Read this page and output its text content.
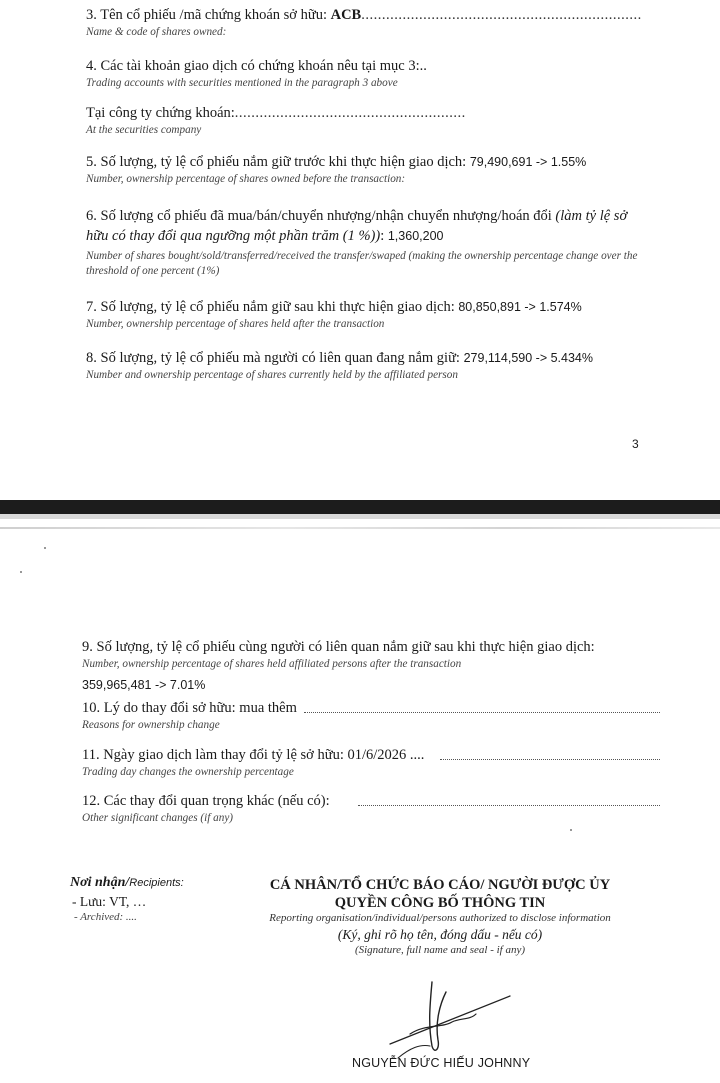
3. Tên cổ phiếu /mã chứng khoán sở hữu: ACB....................................................................
Name & code of shares owned:
4. Các tài khoản giao dịch có chứng khoán nêu tại mục 3:..
Trading accounts with securities mentioned in the paragraph 3 above
Tại công ty chứng khoán:........................................................
At the securities company
5. Số lượng, tỷ lệ cổ phiếu nắm giữ trước khi thực hiện giao dịch: 79,490,691 -> 1.55%
Number, ownership percentage of shares owned before the transaction:
6. Số lượng cổ phiếu đã mua/bán/chuyển nhượng/nhận chuyển nhượng/hoán đổi (làm tỷ lệ sở hữu có thay đổi qua ngưỡng một phần trăm (1 %)): 1,360,200
Number of shares bought/sold/transferred/received the transfer/swaped (making the ownership percentage change over the threshold of one percent (1%)
7. Số lượng, tỷ lệ cổ phiếu nắm giữ sau khi thực hiện giao dịch: 80,850,891 -> 1.574%
Number, ownership percentage of shares held after the transaction
8. Số lượng, tỷ lệ cổ phiếu mà người có liên quan đang nắm giữ: 279,114,590 -> 5.434%
Number and ownership percentage of shares currently held by the affiliated person
3
9. Số lượng, tỷ lệ cổ phiếu cùng người có liên quan nắm giữ sau khi thực hiện giao dịch:
Number, ownership percentage of shares held affiliated persons after the transaction
359,965,481 -> 7.01%
10. Lý do thay đổi sở hữu: mua thêm
Reasons for ownership change
11. Ngày giao dịch làm thay đổi tỷ lệ sở hữu: 01/6/2026 ....
Trading day changes the ownership percentage
12. Các thay đổi quan trọng khác (nếu có):
Other significant changes (if any)
Nơi nhận/Recipients:
- Lưu: VT, …
- Archived: ....
CÁ NHÂN/TỔ CHỨC BÁO CÁO/ NGƯỜI ĐƯỢC ỦY
QUYỀN CÔNG BỐ THÔNG TIN
Reporting organisation/individual/persons authorized to disclose information
(Ký, ghi rõ họ tên, đóng dấu - nếu có)
(Signature, full name and seal - if any)
NGUYỄN ĐỨC HIẾU JOHNNY
